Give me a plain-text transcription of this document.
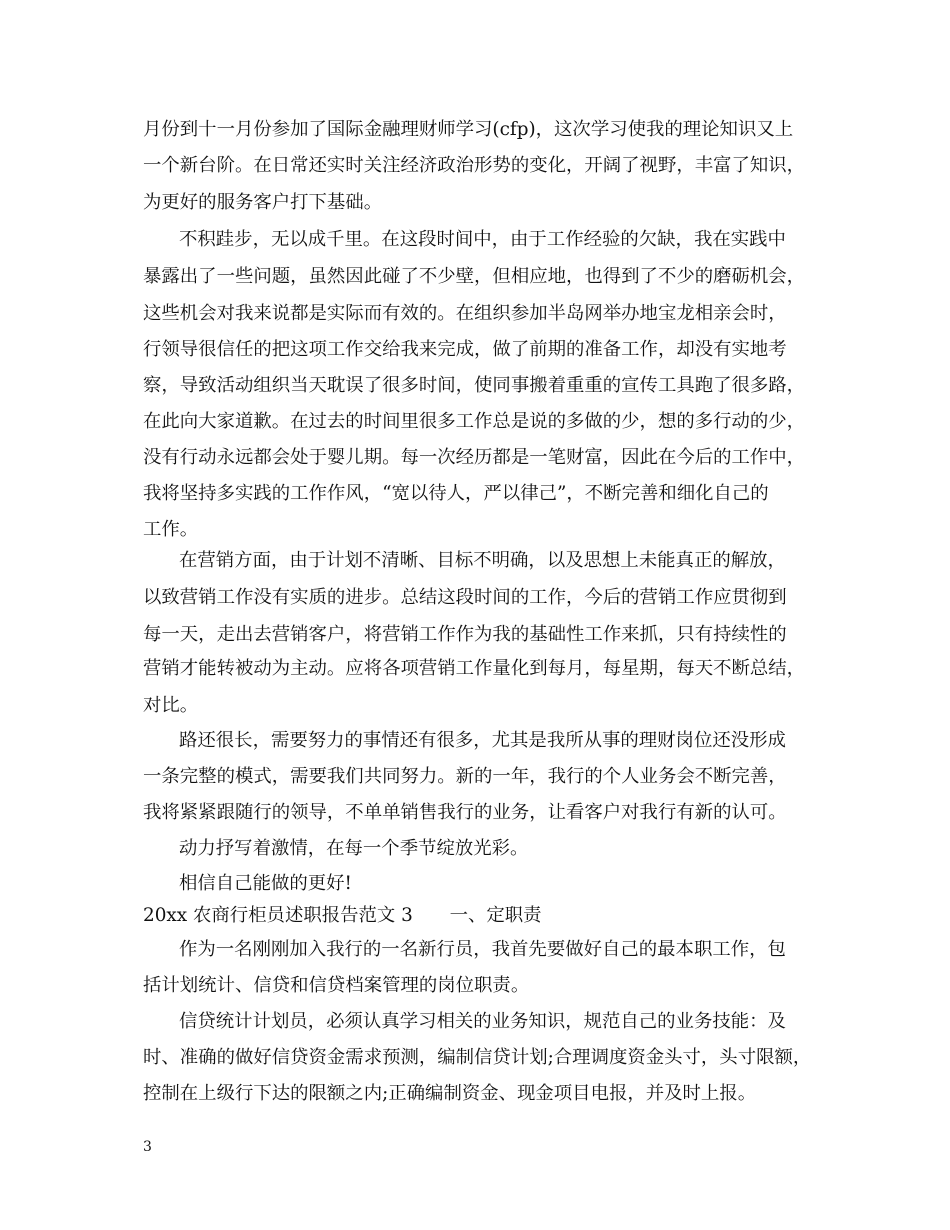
月份到十一月份参加了国际金融理财师学习(cfp)，这次学习使我的理论知识又上
一个新台阶。在日常还实时关注经济政治形势的变化，开阔了视野，丰富了知识，
为更好的服务客户打下基础。
不积跬步，无以成千里。在这段时间中，由于工作经验的欠缺，我在实践中
暴露出了一些问题，虽然因此碰了不少壁，但相应地，也得到了不少的磨砺机会，
这些机会对我来说都是实际而有效的。在组织参加半岛网举办地宝龙相亲会时，
行领导很信任的把这项工作交给我来完成，做了前期的准备工作，却没有实地考
察，导致活动组织当天耽误了很多时间，使同事搬着重重的宣传工具跑了很多路，
在此向大家道歉。在过去的时间里很多工作总是说的多做的少，想的多行动的少，
没有行动永远都会处于婴儿期。每一次经历都是一笔财富，因此在今后的工作中，
我将坚持多实践的工作作风，“宽以待人，严以律己”，不断完善和细化自己的
工作。
在营销方面，由于计划不清晰、目标不明确，以及思想上未能真正的解放，
以致营销工作没有实质的进步。总结这段时间的工作，今后的营销工作应贯彻到
每一天，走出去营销客户，将营销工作作为我的基础性工作来抓，只有持续性的
营销才能转被动为主动。应将各项营销工作量化到每月，每星期，每天不断总结，
对比。
路还很长，需要努力的事情还有很多，尤其是我所从事的理财岗位还没形成
一条完整的模式，需要我们共同努力。新的一年，我行的个人业务会不断完善，
我将紧紧跟随行的领导，不单单销售我行的业务，让看客户对我行有新的认可。
动力抒写着激情，在每一个季节绽放光彩。
相信自己能做的更好!
20xx 农商行柜员述职报告范文 3　　一、定职责
作为一名刚刚加入我行的一名新行员，我首先要做好自己的最本职工作，包
括计划统计、信贷和信贷档案管理的岗位职责。
信贷统计计划员，必须认真学习相关的业务知识，规范自己的业务技能：及
时、准确的做好信贷资金需求预测，编制信贷计划;合理调度资金头寸，头寸限额，
控制在上级行下达的限额之内;正确编制资金、现金项目电报，并及时上报。
3
